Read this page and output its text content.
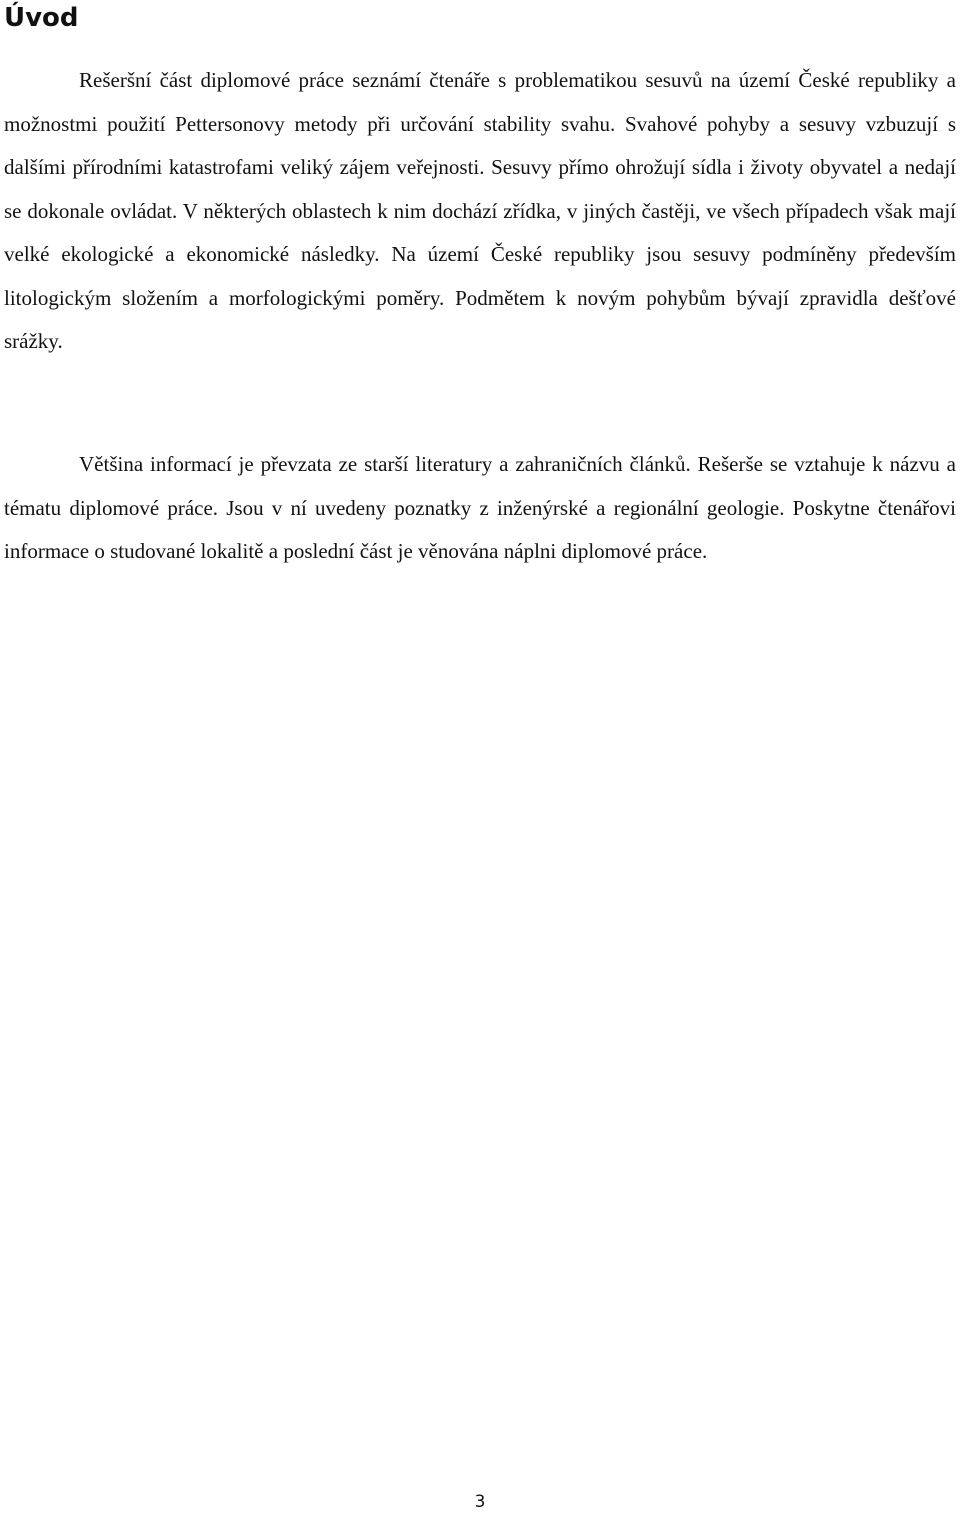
Úvod

Rešeršní část diplomové práce seznámí čtenáře s problematikou sesuvů na území České republiky a možnostmi použití Pettersonovy metody při určování stability svahu. Svahové pohyby a sesuvy vzbuzují s dalšími přírodními katastrofami veliký zájem veřejnosti. Sesuvy přímo ohrožují sídla i životy obyvatel a nedají se dokonale ovládat. V některých oblastech k nim dochází zřídka, v jiných častěji, ve všech případech však mají velké ekologické a ekonomické následky. Na území České republiky jsou sesuvy podmíněny především litologickým složením a morfologickými poměry. Podmětem k novým pohybům bývají zpravidla dešťové srážky.

Většina informací je převzata ze starší literatury a zahraničních článků. Rešerše se vztahuje k názvu a tématu diplomové práce. Jsou v ní uvedeny poznatky z inženýrské a regionální geologie. Poskytne čtenářovi informace o studované lokalitě a poslední část je věnována náplni diplomové práce.

3
